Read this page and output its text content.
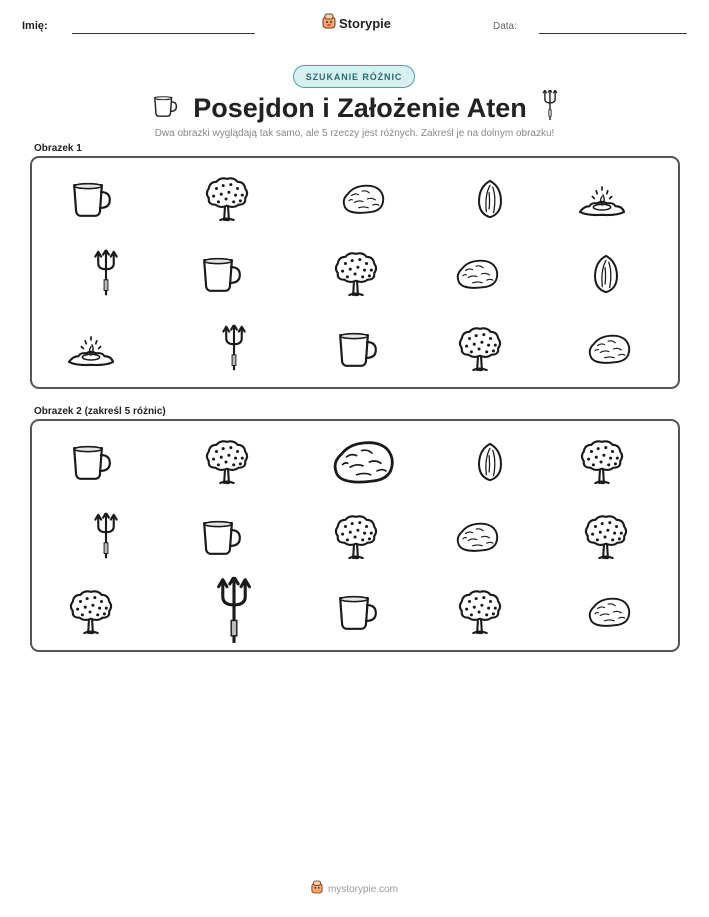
Imię:	Storypie	Data:
SZUKANIE RÓŻNIC
Posejdon i Założenie Aten
Dwa obrazki wyglądają tak samo, ale 5 rzeczy jest różnych. Zakreśl je na dolnym obrazku!
Obrazek 1
Obrazek 2 (zakreśl 5 różnic)
mystorypie.com
